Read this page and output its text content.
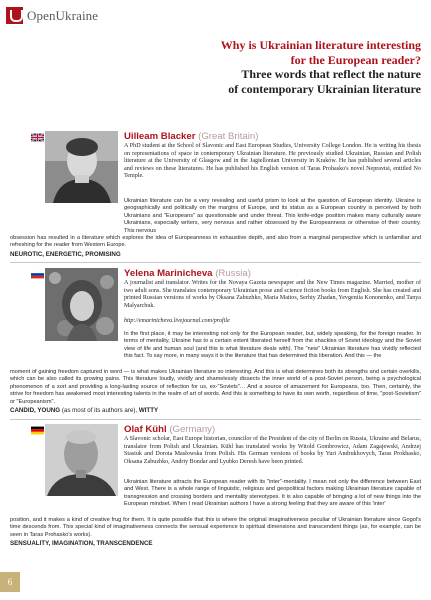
OpenUkraine
Why is Ukrainian literature interesting
for the European reader?
Three words that reflect the nature
of contemporary Ukrainian literature
Uilleam Blacker (Great Britain)
A PhD student at the School of Slavonic and East European Studies, University College London. He is writing his thesis on representations of space in contemporary Ukrainian literature. He previously studied Ukrainian, Russian and Polish literature at the University of Glasgow and in the Jagiellonian University in Kraków. He has published several articles and reviews on these literatures. He has published his English version of Taras Prohasko's novel Nepravtsi, entitled No Temple.
Ukrainian literature can be a very revealing and useful prism to look at the question of European identity. Ukraine is geographically and politically on the margins of Europe, and its status as a European country is perceived by both Ukrainians and "Europeans" as questionable and under threat. This knife-edge position makes many culturally aware Ukrainians, especially writers, very nervous and rather obsessed by the Europeanness or otherwise of their country. This nervous
obsession has resulted in a literature which explores the idea of Europeanness in exhaustive depth, and also from a marginal perspective which is unfamiliar and refreshing for the reader from Western Europe.
NEUROTIC, ENERGETIC, PROMISING
Yelena Marinicheva (Russia)
A journalist and translator. Writes for the Novaya Gazeta newspaper and the New Times magazine. Married, mother of two adult sons. She translates contemporary Ukrainian prose and science fiction books from English. She has created and printed Russian versions of works by Oksana Zabuzhko, Maria Matios, Serhiy Zhadan, Yevgeniia Kononenko, and Tanya Malyarchuk.
http://emarinicheva.livejournal.com/profile
In the first place, it may be interesting not only for the European reader, but, widely speaking, for the foreign reader. In terms of mentality, Ukraine has to a certain extent liberated herself from the shackles of Soviet ideology and the Soviet view of life and human soul (and this is what literature deals with). The "new" Ukrainian literature has vividly reflected this fact. To say more, in many ways it is the literature that has determined this liberation. And this — the
moment of gaining freedom captured in word — is what makes Ukrainian literature so interesting. And this is what determines both its strengths and certain overkills, which can be also called its growing pains. This literature loudly, vividly and shamelessly dissects the inner world of a post-Soviet person, being a psychological phenomenon of a sort and providing a long-lasting source of reflection for us, ex-"Soviets"… And a source of amazement for Europeans, too. Then, certainly, the strive for freedom has awakened most interesting talents in the realm of art of words. And this is something to have its own worth, regardless of time, "post-Sovietism" or "Europeanism".
CANDID, YOUNG (as most of its authors are), WITTY
Olaf Kühl (Germany)
A Slavonic scholar, East Europe historian, councilor of the President of the city of Berlin on Russia, Ukraine and Belarus, translator from Polish and Ukrainian. Kühl has translated works by Witold Gombrowicz, Adam Zagajewski, Andrzej Stasiuk and Dorota Masłowska from Polish. His German versions of books by Yuri Andrukhovych, Taras Prokhasko, Oksana Zabuzhko, Andriy Bondar and Lyubko Deresh have been printed.
Ukrainian literature attracts the European reader with its "inter"-mentality. I mean not only the difference between East and West. There is a whole range of linguistic, religious and geopolitical factors making Ukrainian literature capable of transgression and crossing borders and mentality stereotypes. It is also capable of bringing a lot of new things into the European mindset. When I read Ukrainian authors I have a strong feeling that they are aware of this 'inter'
position, and it makes a kind of creative frug for them. It is quite possible that this is where the original imaginativeness peculiar of Ukrainian literature since Gogol's time descends from. This special kind of imaginativeness connects the sensual experience to spiritual dimensions and transcendent things (as, for example, can be seen in Taras Prohasko's works).
SENSUALITY, IMAGINATION, TRANSCENDENCE
6
